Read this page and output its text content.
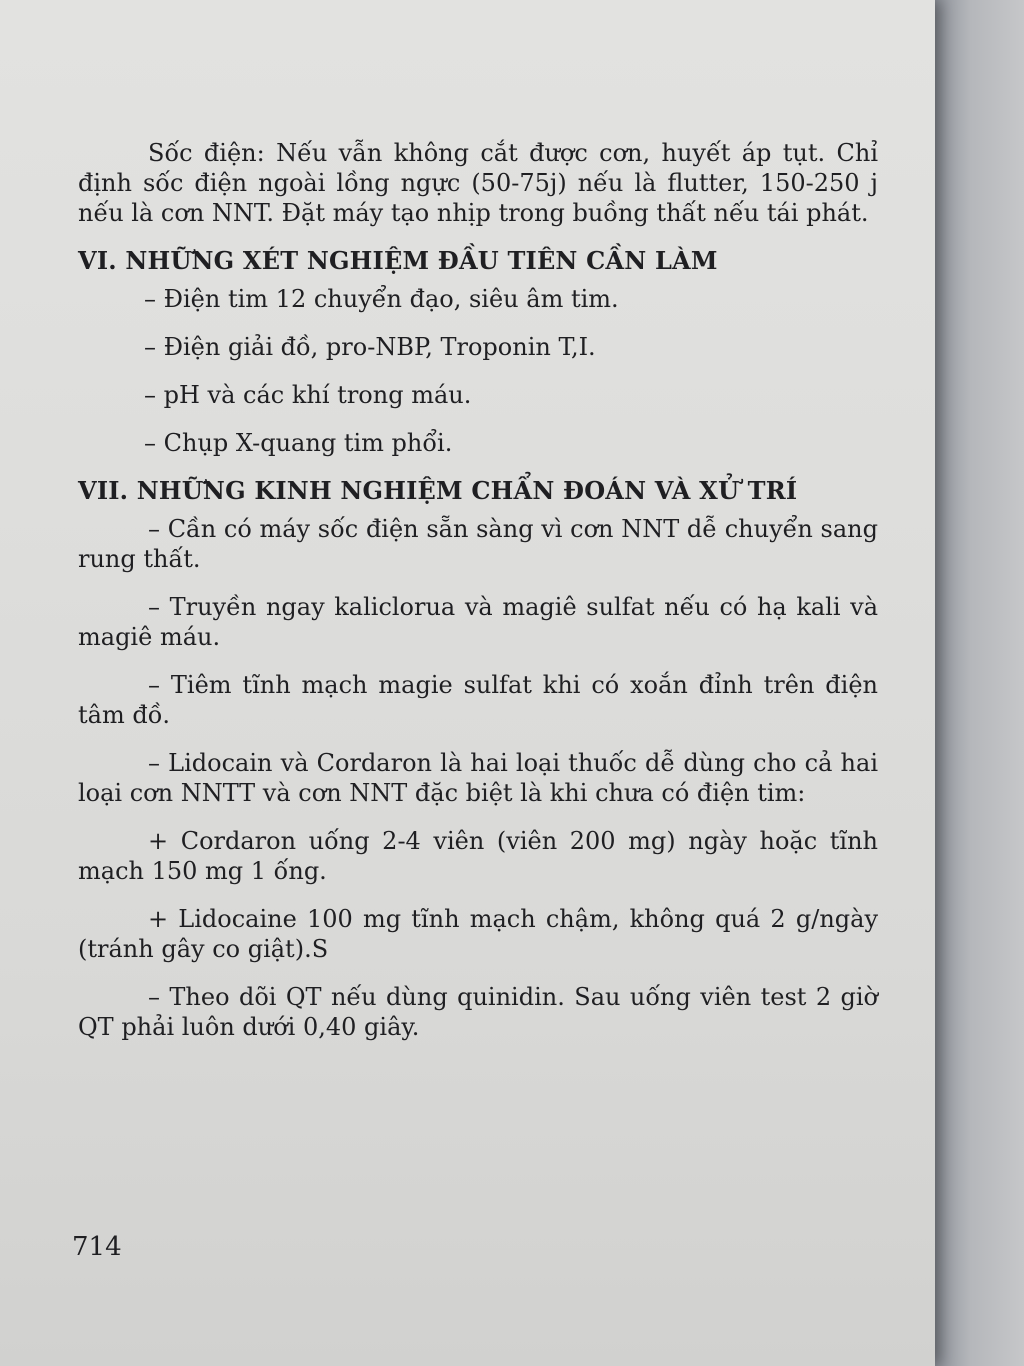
Sốc điện: Nếu vẫn không cắt được cơn, huyết áp tụt. Chỉ định sốc điện ngoài lồng ngực (50-75j) nếu là flutter, 150-250 j nếu là cơn NNT. Đặt máy tạo nhịp trong buồng thất nếu tái phát.

VI. NHỮNG XÉT NGHIỆM ĐẦU TIÊN CẦN LÀM
– Điện tim 12 chuyển đạo, siêu âm tim.
– Điện giải đồ, pro-NBP, Troponin T,I.
– pH và các khí trong máu.
– Chụp X-quang tim phổi.
VII. NHỮNG KINH NGHIỆM CHẨN ĐOÁN VÀ XỬ TRÍ

– Cần có máy sốc điện sẵn sàng vì cơn NNT dễ chuyển sang rung thất.

– Truyền ngay kaliclorua và magiê sulfat nếu có hạ kali và magiê máu.

– Tiêm tĩnh mạch magie sulfat khi có xoắn đỉnh trên điện tâm đồ.

– Lidocain và Cordaron là hai loại thuốc dễ dùng cho cả hai loại cơn NNTT và cơn NNT đặc biệt là khi chưa có điện tim:

+ Cordaron uống 2-4 viên (viên 200 mg) ngày hoặc tĩnh mạch 150 mg 1 ống.

+ Lidocaine 100 mg tĩnh mạch chậm, không quá 2 g/ngày (tránh gây co giật).S

– Theo dõi QT nếu dùng quinidin. Sau uống viên test 2 giờ QT phải luôn dưới 0,40 giây.

714
